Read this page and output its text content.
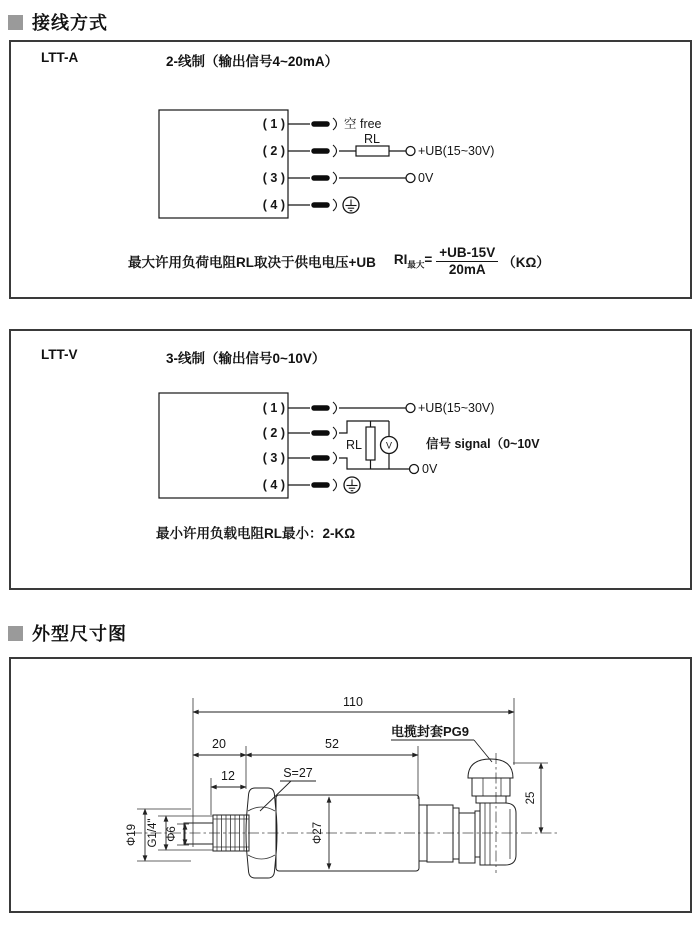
接线方式
LTT-A	2-线制（输出信号4~20mA）
( 1 )
( 2 )
( 3 )
( 4 )
空 free
RL
+UB(15~30V)
0V
最大许用负荷电阻RL取决于供电电压+UB $RI_{最大}= \frac{+UB-15V}{20mA} (K\Omega)$
LTT-V	3-线制（输出信号0~10V）
( 1 )
( 2 )
( 3 )
( 4 )
+UB(15~30V)
RL	V	信号 signal（0~10V
0V
最小许用负载电阻RL最小：2-KΩ
外型尺寸图
110
20	52
12	S=27
电揽封套PG9
25
Φ27
Φ19 G1/4" Φ6
